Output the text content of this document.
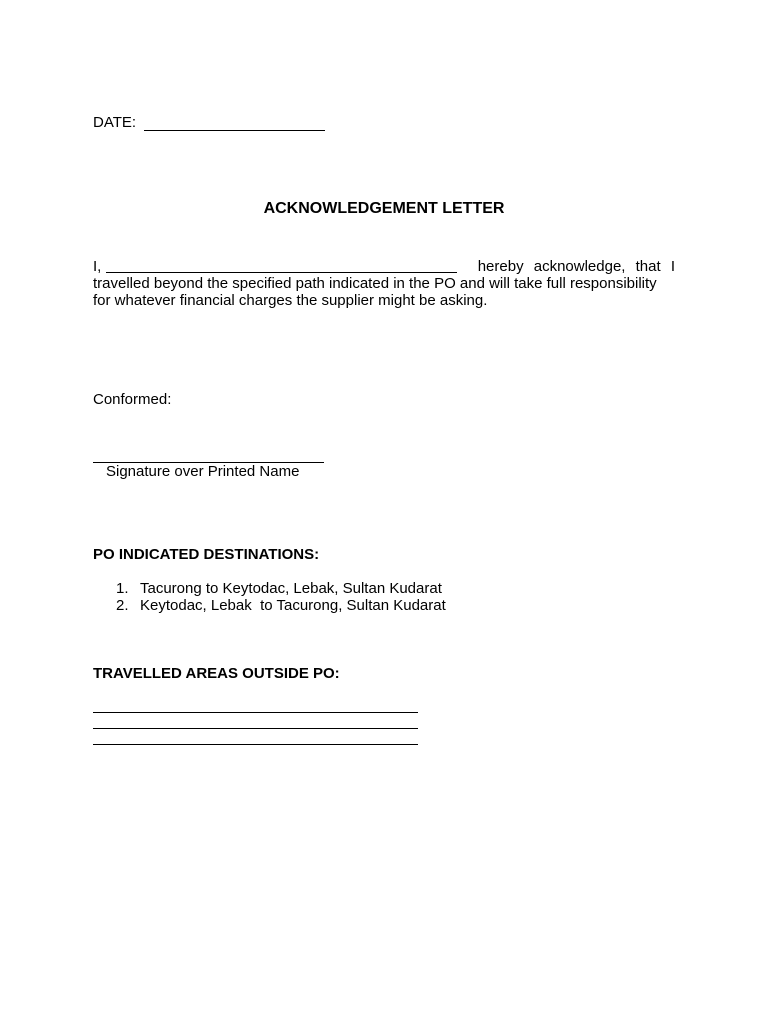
DATE:
ACKNOWLEDGEMENT LETTER
I,	hereby acknowledge, that I
travelled beyond the specified path indicated in the PO and will take full responsibility
for whatever financial charges the supplier might be asking.
Conformed:
Signature over Printed Name
PO INDICATED DESTINATIONS:

1.

Tacurong to Keytodac, Lebak, Sultan Kudarat

2.

Keytodac, Lebak  to Tacurong, Sultan Kudarat

TRAVELLED AREAS OUTSIDE PO:
